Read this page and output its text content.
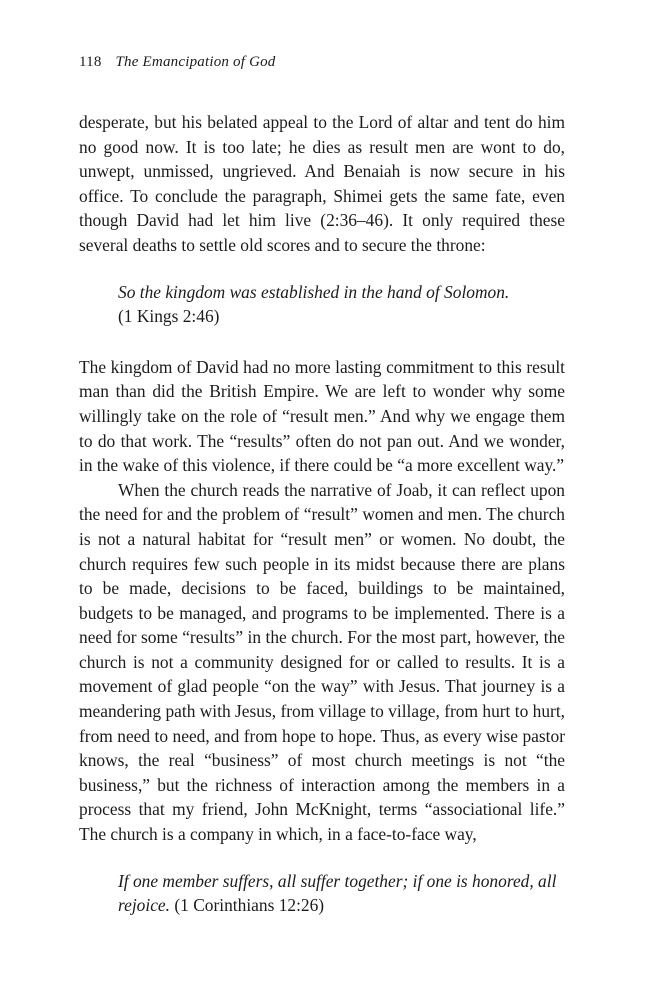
118 The Emancipation of God

desperate, but his belated appeal to the Lord of altar and tent do him no good now. It is too late; he dies as result men are wont to do, unwept, unmissed, ungrieved. And Benaiah is now secure in his office. To conclude the paragraph, Shimei gets the same fate, even though David had let him live (2:36–46). It only required these several deaths to settle old scores and to secure the throne:

So the kingdom was established in the hand of Solomon.
(1 Kings 2:46)

The kingdom of David had no more lasting commitment to this result man than did the British Empire. We are left to wonder why some willingly take on the role of “result men.” And why we engage them to do that work. The “results” often do not pan out. And we wonder, in the wake of this violence, if there could be “a more excellent way.”

When the church reads the narrative of Joab, it can reflect upon the need for and the problem of “result” women and men. The church is not a natural habitat for “result men” or women. No doubt, the church requires few such people in its midst because there are plans to be made, decisions to be faced, buildings to be maintained, budgets to be managed, and programs to be implemented. There is a need for some “results” in the church. For the most part, however, the church is not a community designed for or called to results. It is a movement of glad people “on the way” with Jesus. That journey is a meandering path with Jesus, from village to village, from hurt to hurt, from need to need, and from hope to hope. Thus, as every wise pastor knows, the real “business” of most church meetings is not “the business,” but the richness of interaction among the members in a process that my friend, John McKnight, terms “associational life.” The church is a company in which, in a face-to-face way,

If one member suffers, all suffer together; if one is honored, all
rejoice. (1 Corinthians 12:26)
